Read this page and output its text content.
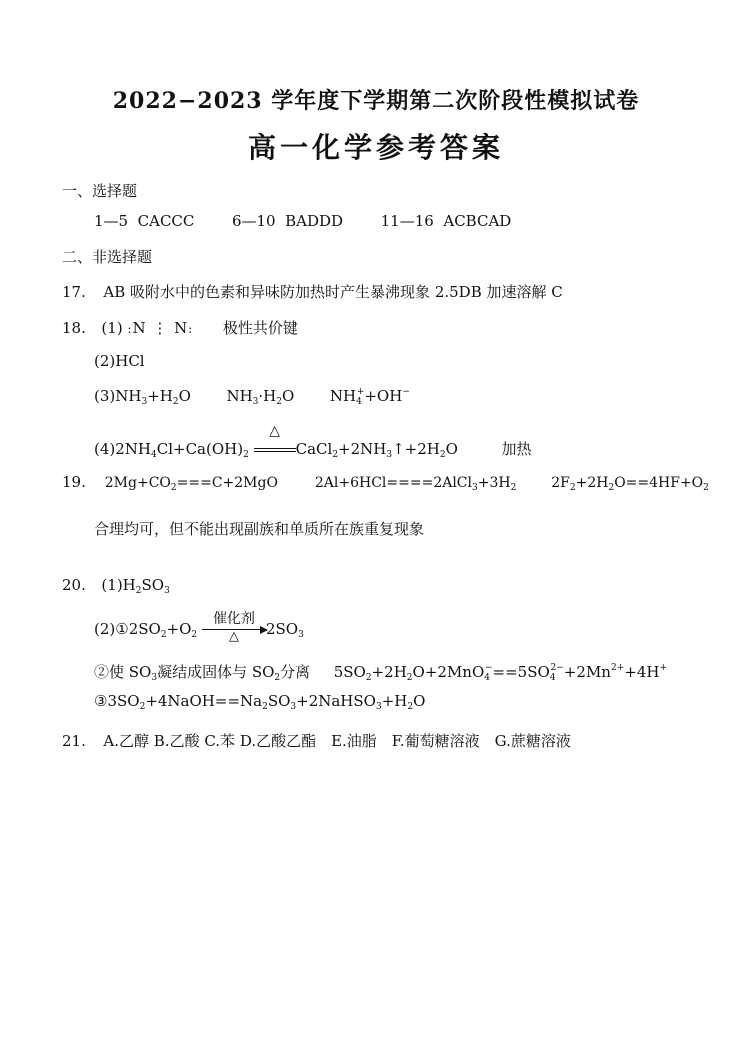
2022−2023 学年度下学期第二次阶段性模拟试卷
高一化学参考答案
一、选择题
1—5 CACCC	6—10 BADDD	11—16 ACBCAD
二、非选择题
17. AB 吸附水中的色素和异味防加热时产生暴沸现象 2.5DB 加速溶解 C
18. (1) :N ⋮ N: 极性共价键
(2)HCl
$(3)NH_3+H_2O$  $NH_3\cdot H_2O$  $NH_4^++OH^-$
$(4)2NH_4Cl+Ca(OH)_2$
△
$CaCl_2+2NH_3↑+2H_2O$	加热
19. $2Mg+CO_2===C+2MgO$	$2Al+6HCl====2AlCl_3+3H_2$ $2F_2+2H_2O==4HF+O_2$
合理均可，但不能出现副族和单质所在族重复现象
20. $(1)H_2SO_3$
$(2)①2SO_2+O_2$
催化剂
△	$2SO_3$
②使 $SO_3$凝结成固体与 $SO_2$分离 $5SO_2+2H_2O+2MnO_4^-==5SO_4^{2-}+2Mn^{2+}+4H^+$
$③3SO_2+4NaOH==Na_2SO_3+2NaHSO_3+H_2O$
21. A.乙醇 B.乙酸 C.苯 D.乙酸乙酯　E.油脂　F.葡萄糖溶液　G.蔗糖溶液
